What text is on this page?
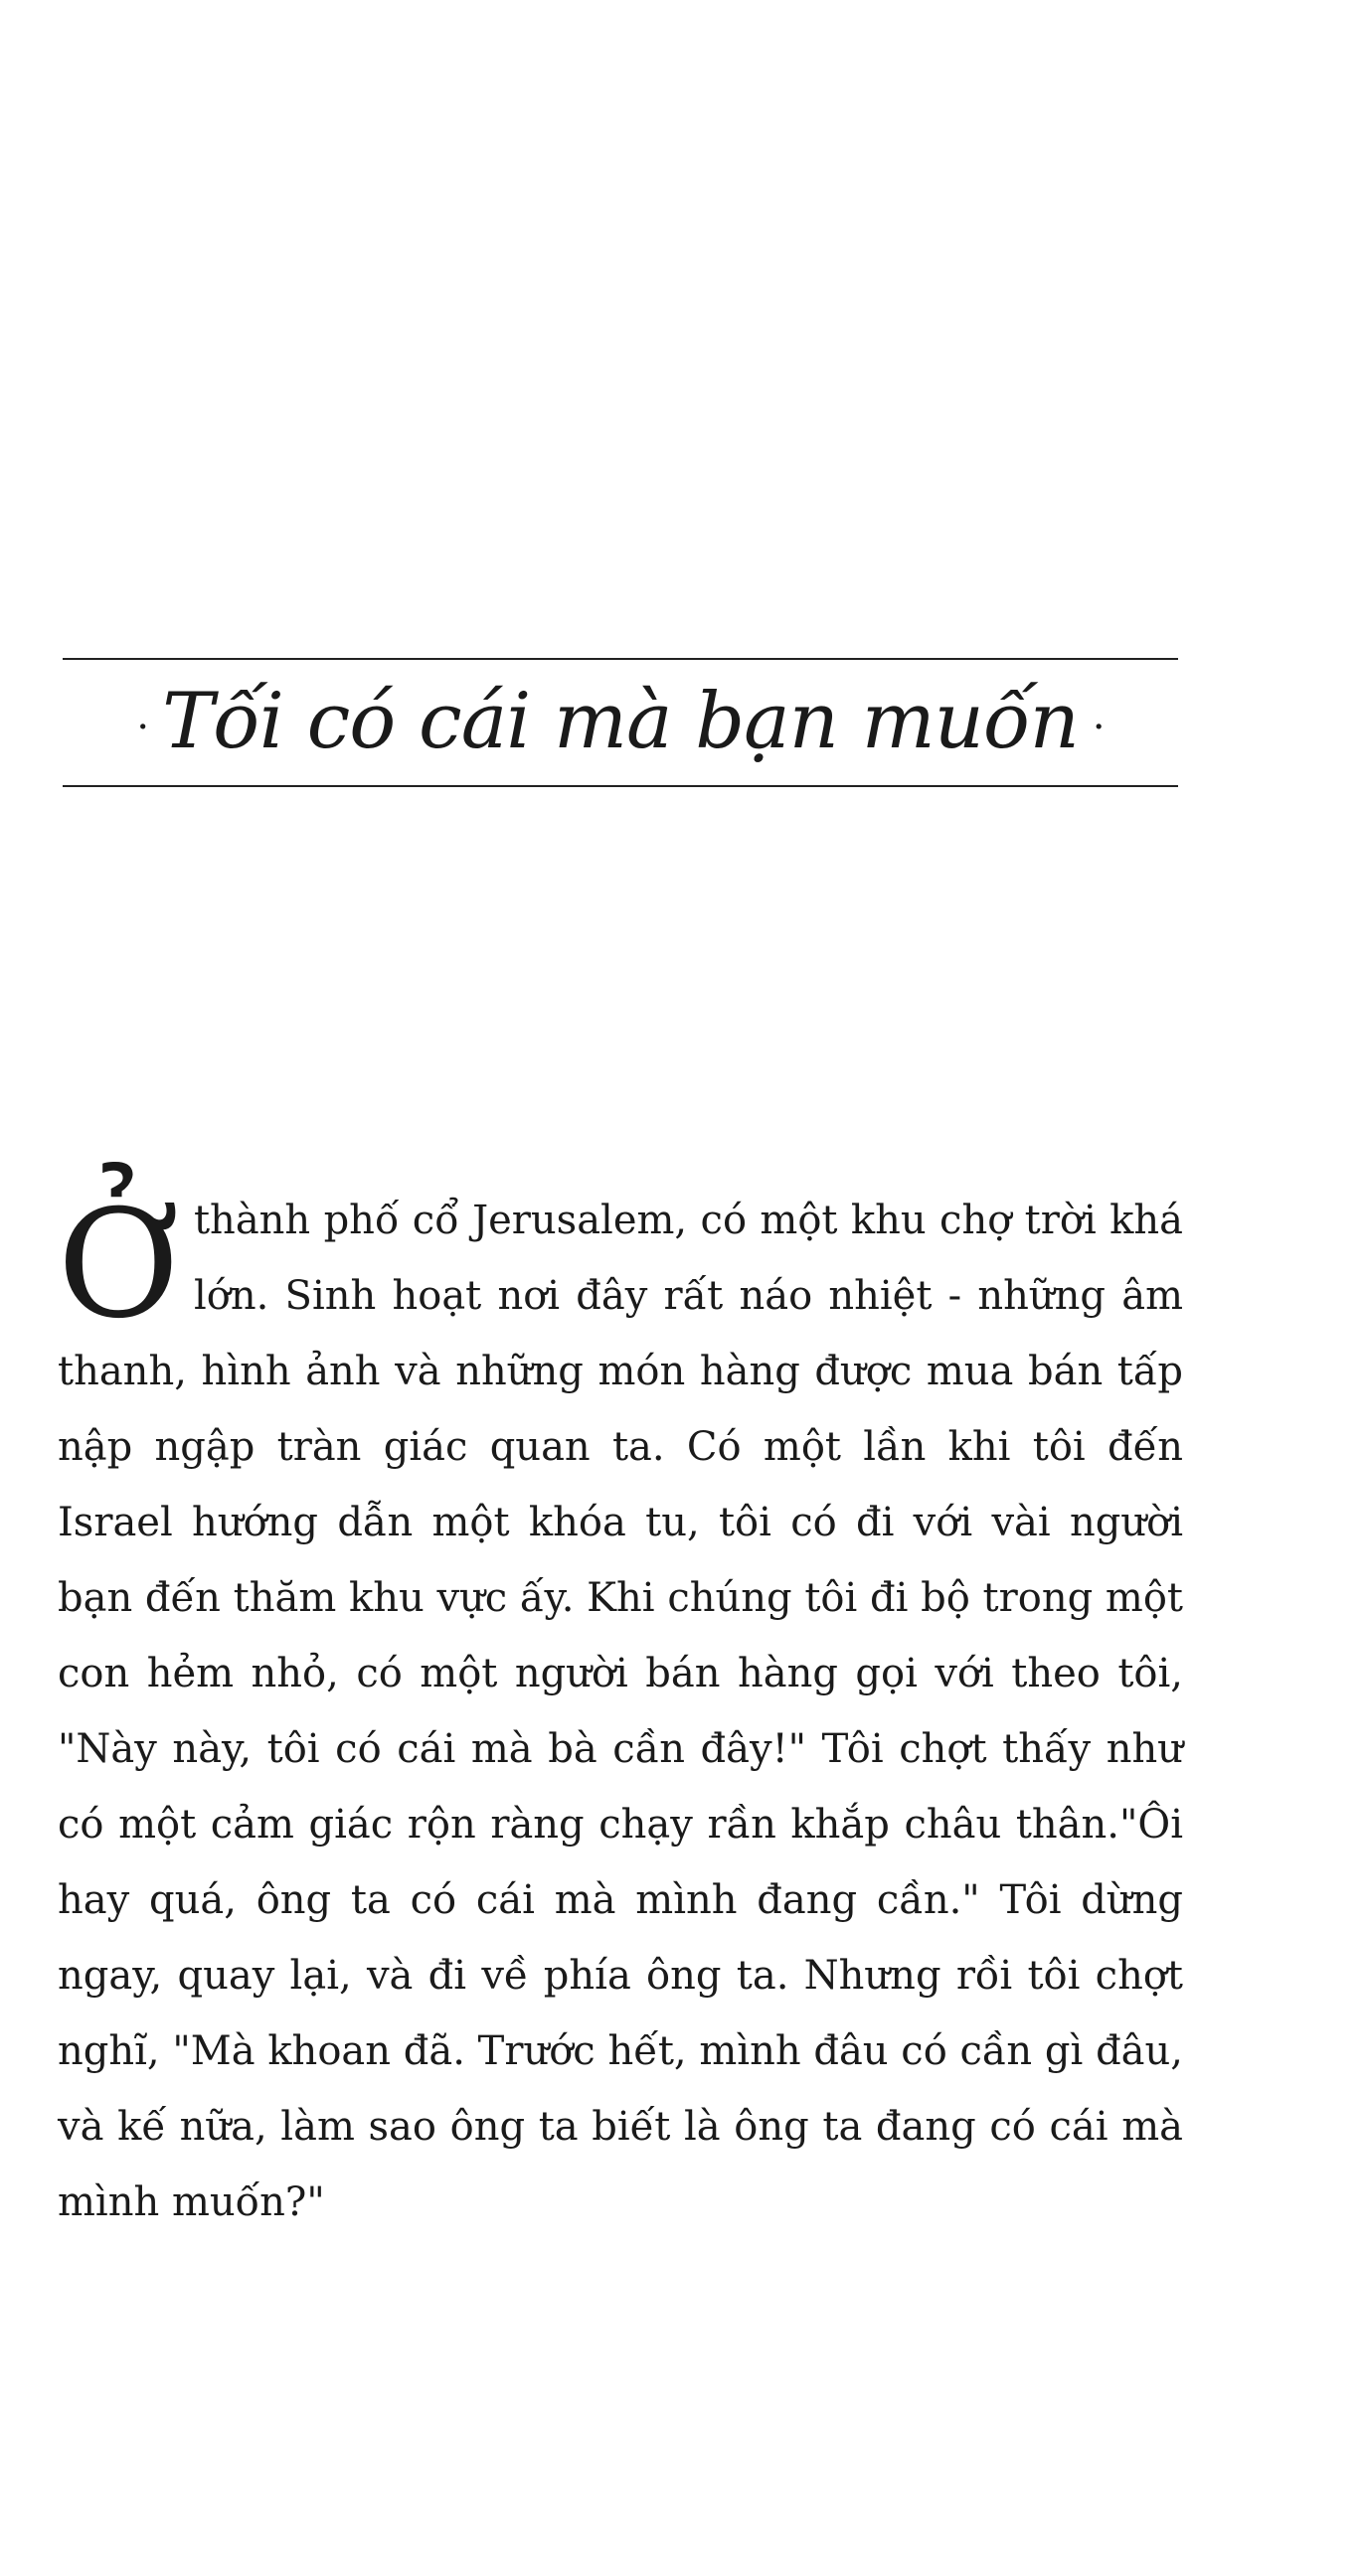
· Tối có cái mà bạn muốn ·
Ởthành phố cổ Jerusalem, có một khu chợ trời khá lớn. Sinh hoạt nơi đây rất náo nhiệt - những âm thanh, hình ảnh và những món hàng được mua bán tấp nập ngập tràn giác quan ta. Có một lần khi tôi đến Israel hướng dẫn một khóa tu, tôi có đi với vài người bạn đến thăm khu vực ấy. Khi chúng tôi đi bộ trong một con hẻm nhỏ, có một người bán hàng gọi với theo tôi, "Này này, tôi có cái mà bà cần đây!" Tôi chợt thấy như có một cảm giác rộn ràng chạy rần khắp châu thân."Ôi hay quá, ông ta có cái mà mình đang cần." Tôi dừng ngay, quay lại, và đi về phía ông ta. Nhưng rồi tôi chợt nghĩ, "Mà khoan đã. Trước hết, mình đâu có cần gì đâu, và kế nữa, làm sao ông ta biết là ông ta đang có cái mà mình muốn?"
